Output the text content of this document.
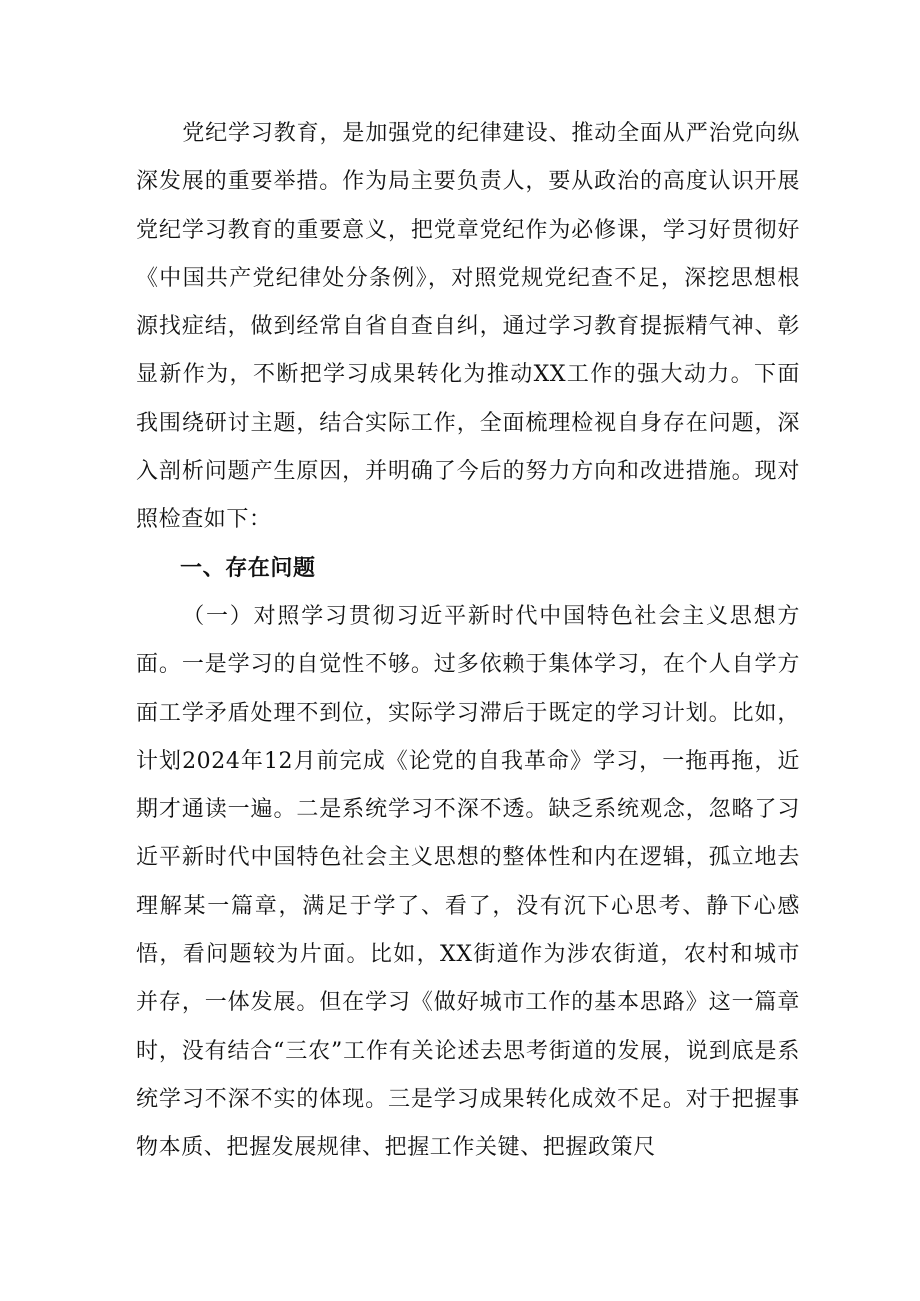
党纪学习教育，是加强党的纪律建设、推动全面从严治党向纵深发展的重要举措。作为局主要负责人，要从政治的高度认识开展党纪学习教育的重要意义，把党章党纪作为必修课，学习好贯彻好《中国共产党纪律处分条例》，对照党规党纪查不足，深挖思想根源找症结，做到经常自省自查自纠，通过学习教育提振精气神、彰显新作为，不断把学习成果转化为推动XX工作的强大动力。下面我围绕研讨主题，结合实际工作，全面梳理检视自身存在问题，深入剖析问题产生原因，并明确了今后的努力方向和改进措施。现对照检查如下：

一、存在问题

（一）对照学习贯彻习近平新时代中国特色社会主义思想方面。一是学习的自觉性不够。过多依赖于集体学习，在个人自学方面工学矛盾处理不到位，实际学习滞后于既定的学习计划。比如，计划2024年12月前完成《论党的自我革命》学习，一拖再拖，近期才通读一遍。二是系统学习不深不透。缺乏系统观念，忽略了习近平新时代中国特色社会主义思想的整体性和内在逻辑，孤立地去理解某一篇章，满足于学了、看了，没有沉下心思考、静下心感悟，看问题较为片面。比如，XX街道作为涉农街道，农村和城市并存，一体发展。但在学习《做好城市工作的基本思路》这一篇章时，没有结合“三农”工作有关论述去思考街道的发展，说到底是系统学习不深不实的体现。三是学习成果转化成效不足。对于把握事物本质、把握发展规律、把握工作关键、把握政策尺
